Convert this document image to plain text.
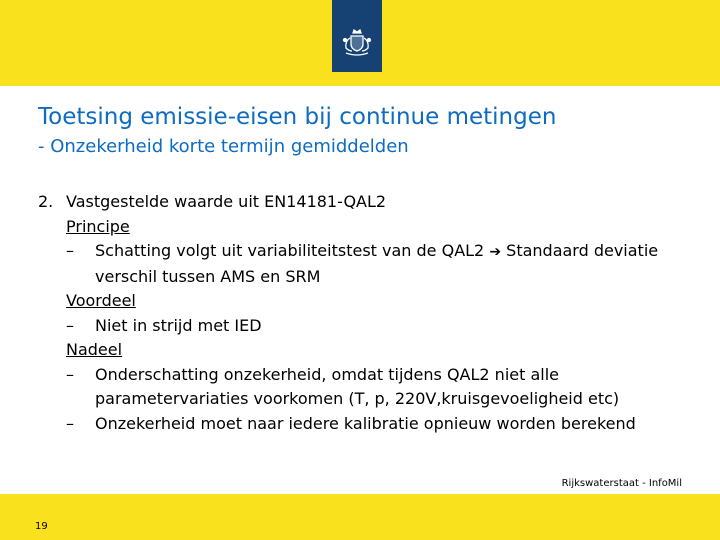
Toetsing emissie-eisen bij continue metingen
- Onzekerheid korte termijn gemiddelden
2. Vastgestelde waarde uit EN14181-QAL2
Principe
– Schatting volgt uit variabiliteitstest van de QAL2 ➔ Standaard deviatie verschil tussen AMS en SRM
Voordeel
– Niet in strijd met IED
Nadeel
– Onderschatting onzekerheid, omdat tijdens QAL2 niet alle parametervariaties voorkomen (T, p, 220V,kruisgevoeligheid etc)
– Onzekerheid moet naar iedere kalibratie opnieuw worden berekend
Rijkswaterstaat - InfoMil
19
